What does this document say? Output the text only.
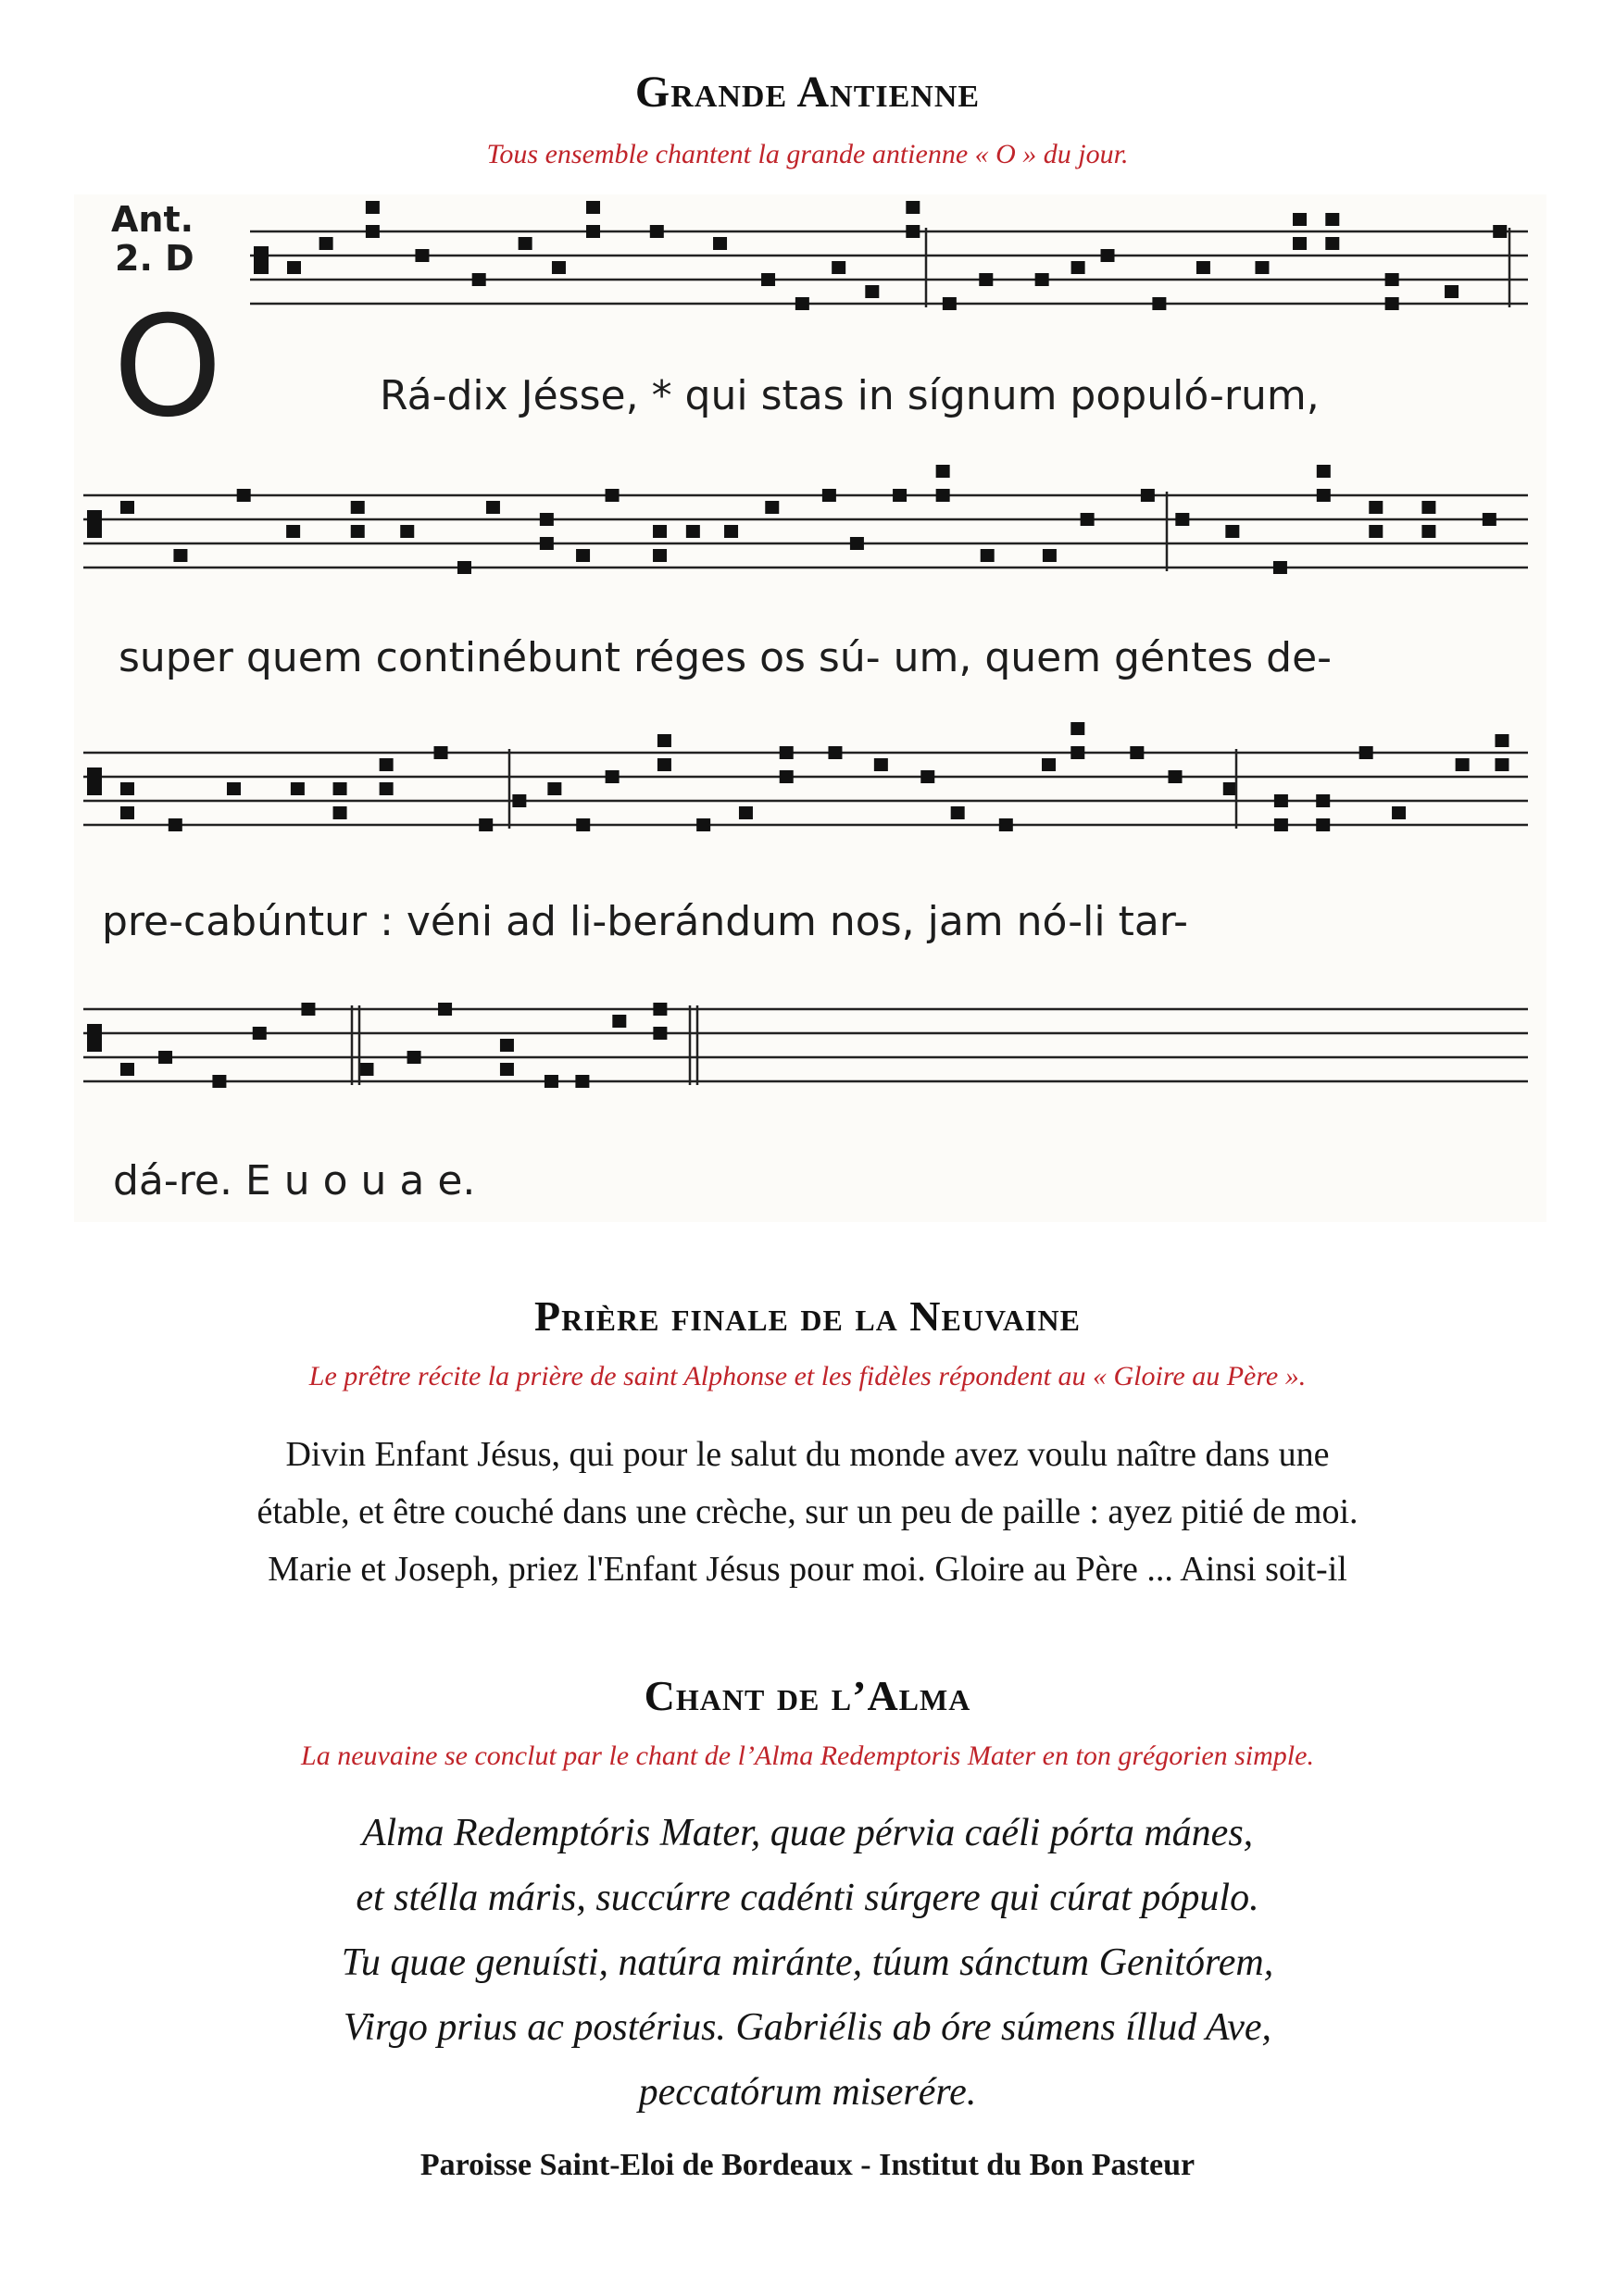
Grande Antienne
Tous ensemble chantent la grande antienne « O » du jour.
Ant.
2. D
O	Rá-dix Jésse, * qui stas in sígnum populó-rum,
super quem continébunt réges os sú- um, quem géntes de-
pre-cabúntur : véni ad li-berándum nos, jam nó-li tar-
dá-re. E u o u a e.
Prière finale de la Neuvaine
Le prêtre récite la prière de saint Alphonse et les fidèles répondent au « Gloire au Père ».
Divin Enfant Jésus, qui pour le salut du monde avez voulu naître dans une
étable, et être couché dans une crèche, sur un peu de paille : ayez pitié de moi.
Marie et Joseph, priez l'Enfant Jésus pour moi. Gloire au Père ... Ainsi soit-il
Chant de l’Alma
La neuvaine se conclut par le chant de l’Alma Redemptoris Mater en ton grégorien simple.
Alma Redemptóris Mater, quae pérvia caéli pórta mánes,
et stélla máris, succúrre cadénti súrgere qui cúrat pópulo.
Tu quae genuísti, natúra miránte, túum sánctum Genitórem,
Virgo prius ac postérius. Gabriélis ab óre súmens íllud Ave,
peccatórum miserére.
Paroisse Saint-Eloi de Bordeaux - Institut du Bon Pasteur
